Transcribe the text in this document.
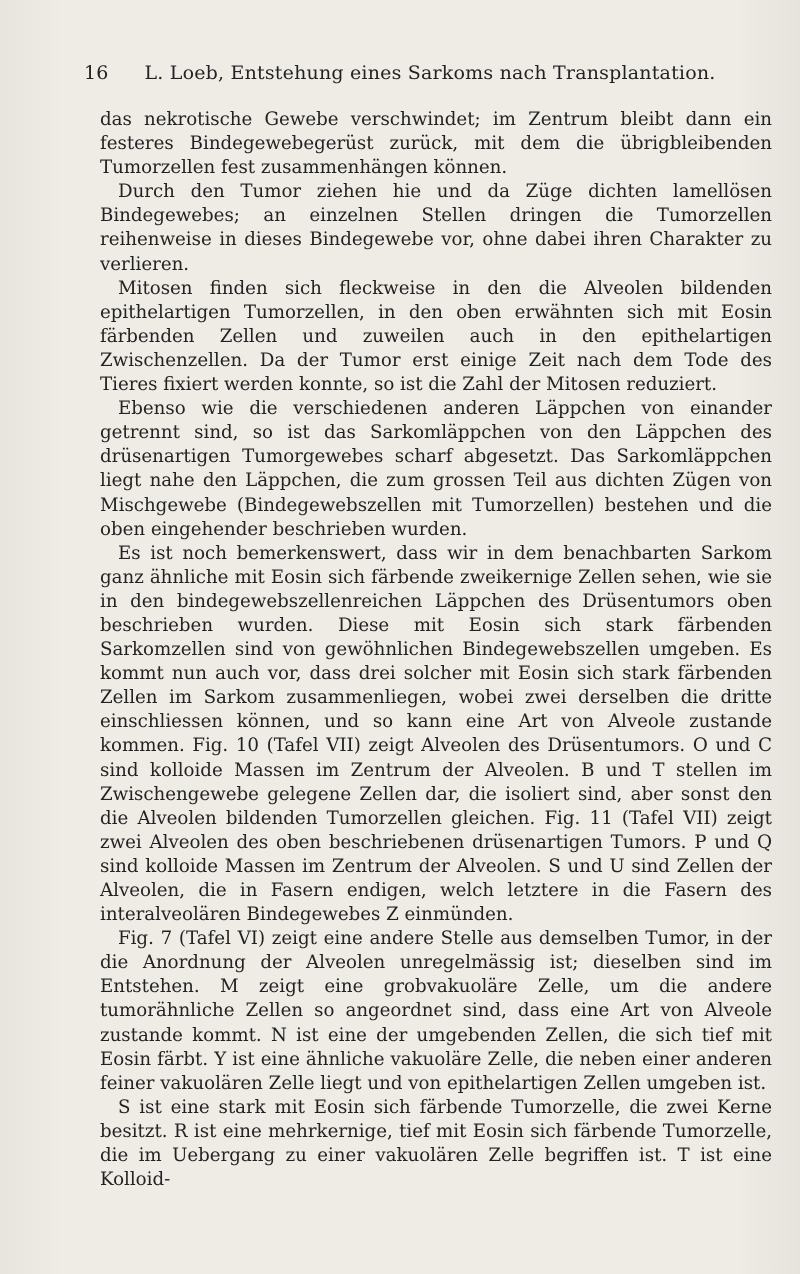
16	L. Loeb, Entstehung eines Sarkoms nach Transplantation.

das nekrotische Gewebe verschwindet; im Zentrum bleibt dann ein festeres Bindegewebegerüst zurück, mit dem die übrigbleibenden Tumorzellen fest zusammenhängen können.

Durch den Tumor ziehen hie und da Züge dichten lamellösen Bindegewebes; an einzelnen Stellen dringen die Tumorzellen reihenweise in dieses Bindegewebe vor, ohne dabei ihren Charakter zu verlieren.

Mitosen finden sich fleckweise in den die Alveolen bildenden epithelartigen Tumorzellen, in den oben erwähnten sich mit Eosin färbenden Zellen und zuweilen auch in den epithelartigen Zwischenzellen. Da der Tumor erst einige Zeit nach dem Tode des Tieres fixiert werden konnte, so ist die Zahl der Mitosen reduziert.

Ebenso wie die verschiedenen anderen Läppchen von einander getrennt sind, so ist das Sarkomläppchen von den Läppchen des drüsenartigen Tumorgewebes scharf abgesetzt. Das Sarkomläppchen liegt nahe den Läppchen, die zum grossen Teil aus dichten Zügen von Mischgewebe (Bindegewebszellen mit Tumorzellen) bestehen und die oben eingehender beschrieben wurden.

Es ist noch bemerkenswert, dass wir in dem benachbarten Sarkom ganz ähnliche mit Eosin sich färbende zweikernige Zellen sehen, wie sie in den bindegewebszellenreichen Läppchen des Drüsentumors oben beschrieben wurden. Diese mit Eosin sich stark färbenden Sarkomzellen sind von gewöhnlichen Bindegewebszellen umgeben. Es kommt nun auch vor, dass drei solcher mit Eosin sich stark färbenden Zellen im Sarkom zusammenliegen, wobei zwei derselben die dritte einschliessen können, und so kann eine Art von Alveole zustande kommen. Fig. 10 (Tafel VII) zeigt Alveolen des Drüsentumors. O und C sind kolloide Massen im Zentrum der Alveolen. B und T stellen im Zwischengewebe gelegene Zellen dar, die isoliert sind, aber sonst den die Alveolen bildenden Tumorzellen gleichen. Fig. 11 (Tafel VII) zeigt zwei Alveolen des oben beschriebenen drüsenartigen Tumors. P und Q sind kolloide Massen im Zentrum der Alveolen. S und U sind Zellen der Alveolen, die in Fasern endigen, welch letztere in die Fasern des interalveolären Bindegewebes Z einmünden.

Fig. 7 (Tafel VI) zeigt eine andere Stelle aus demselben Tumor, in der die Anordnung der Alveolen unregelmässig ist; dieselben sind im Entstehen. M zeigt eine grobvakuoläre Zelle, um die andere tumorähnliche Zellen so angeordnet sind, dass eine Art von Alveole zustande kommt. N ist eine der umgebenden Zellen, die sich tief mit Eosin färbt. Y ist eine ähnliche vakuoläre Zelle, die neben einer anderen feiner vakuolären Zelle liegt und von epithelartigen Zellen umgeben ist.

S ist eine stark mit Eosin sich färbende Tumorzelle, die zwei Kerne besitzt. R ist eine mehrkernige, tief mit Eosin sich färbende Tumorzelle, die im Uebergang zu einer vakuolären Zelle begriffen ist. T ist eine Kolloid-
